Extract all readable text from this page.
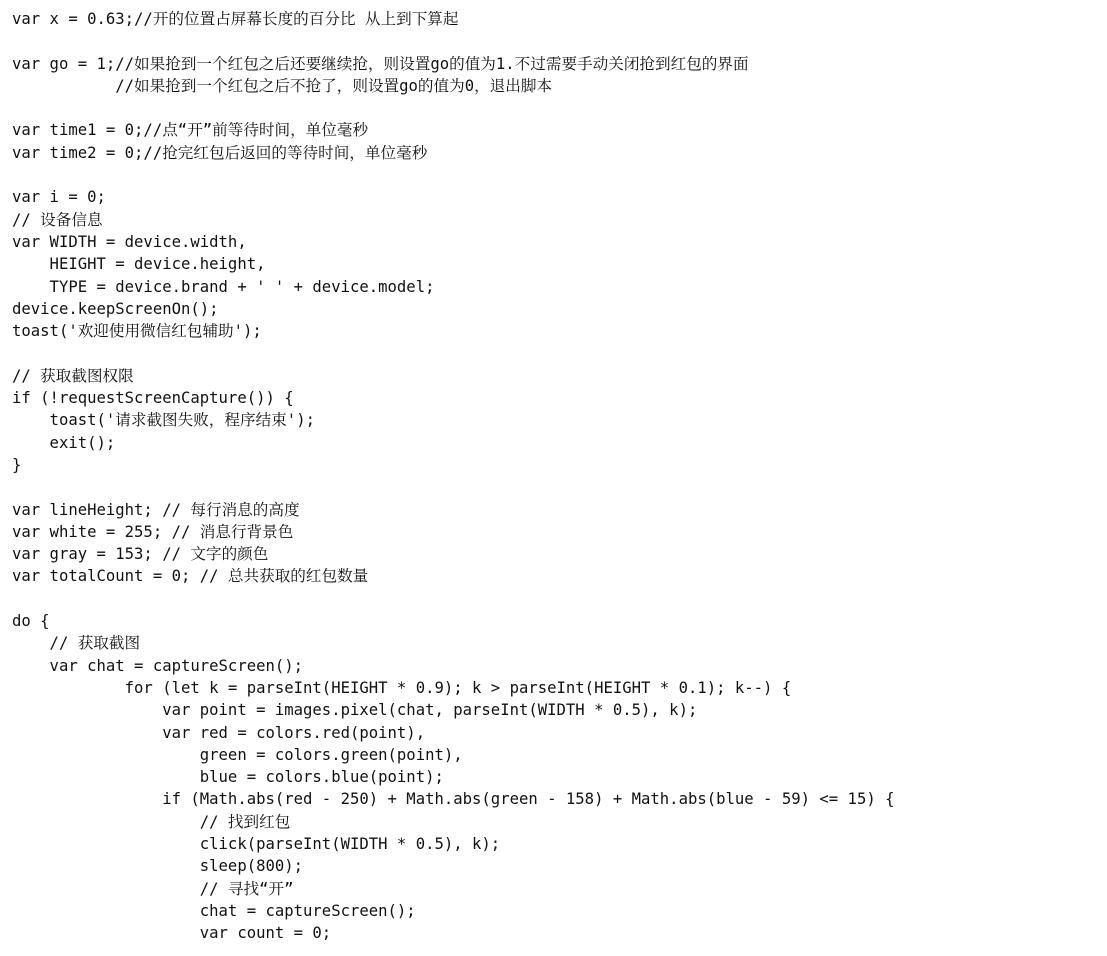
var x = 0.63;//开的位置占屏幕长度的百分比 从上到下算起
var go = 1;//如果抢到一个红包之后还要继续抢，则设置go的值为1.不过需要手动关闭抢到红包的界面
//如果抢到一个红包之后不抢了，则设置go的值为0，退出脚本
var time1 = 0;//点“开”前等待时间，单位毫秒
var time2 = 0;//抢完红包后返回的等待时间，单位毫秒
var i = 0;
// 设备信息
var WIDTH = device.width,
HEIGHT = device.height,
TYPE = device.brand + ' ' + device.model;
device.keepScreenOn();
toast('欢迎使用微信红包辅助');
// 获取截图权限
if (!requestScreenCapture()) {
toast('请求截图失败，程序结束');
exit();
}
var lineHeight; // 每行消息的高度
var white = 255; // 消息行背景色
var gray = 153; // 文字的颜色
var totalCount = 0; // 总共获取的红包数量
do {
// 获取截图
var chat = captureScreen();
for (let k = parseInt(HEIGHT * 0.9); k > parseInt(HEIGHT * 0.1); k--) {
var point = images.pixel(chat, parseInt(WIDTH * 0.5), k);
var red = colors.red(point),
green = colors.green(point),
blue = colors.blue(point);
if (Math.abs(red - 250) + Math.abs(green - 158) + Math.abs(blue - 59) <= 15) {
// 找到红包
click(parseInt(WIDTH * 0.5), k);
sleep(800);
// 寻找“开”
chat = captureScreen();
var count = 0;
